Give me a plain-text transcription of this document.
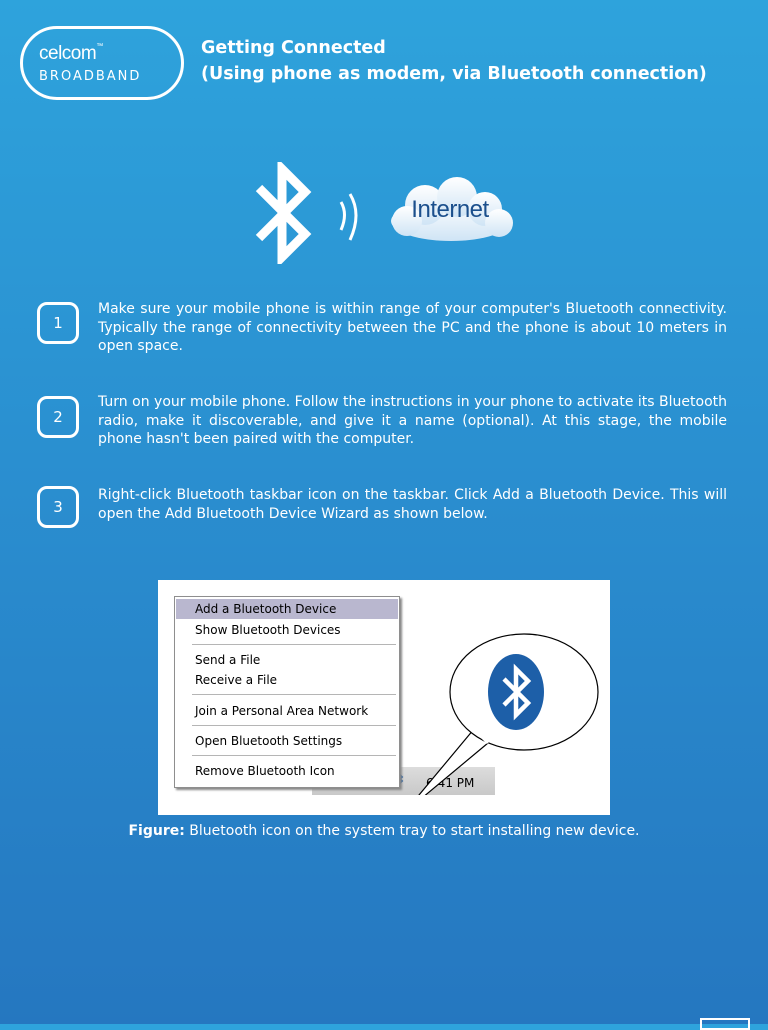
celcom™
BROADBAND
Getting Connected
(Using phone as modem, via Bluetooth connection)
Internet
1
Make sure your mobile phone is within range of your computer's Bluetooth connectivity. Typically the range of connectivity between the PC and the phone is about 10 meters in open space.
2
Turn on your mobile phone. Follow the instructions in your phone to activate its Bluetooth radio, make it discoverable, and give it a name (optional). At this stage, the mobile phone hasn't been paired with the computer.
3
Right-click Bluetooth taskbar icon on the taskbar. Click Add a Bluetooth Device. This will open the Add Bluetooth Device Wizard as shown below.
6:41 PM
Add a Bluetooth Device
Show Bluetooth Devices
Send a File
Receive a File
Join a Personal Area Network
Open Bluetooth Settings
Remove Bluetooth Icon
Figure: Bluetooth icon on the system tray to start installing new device.
